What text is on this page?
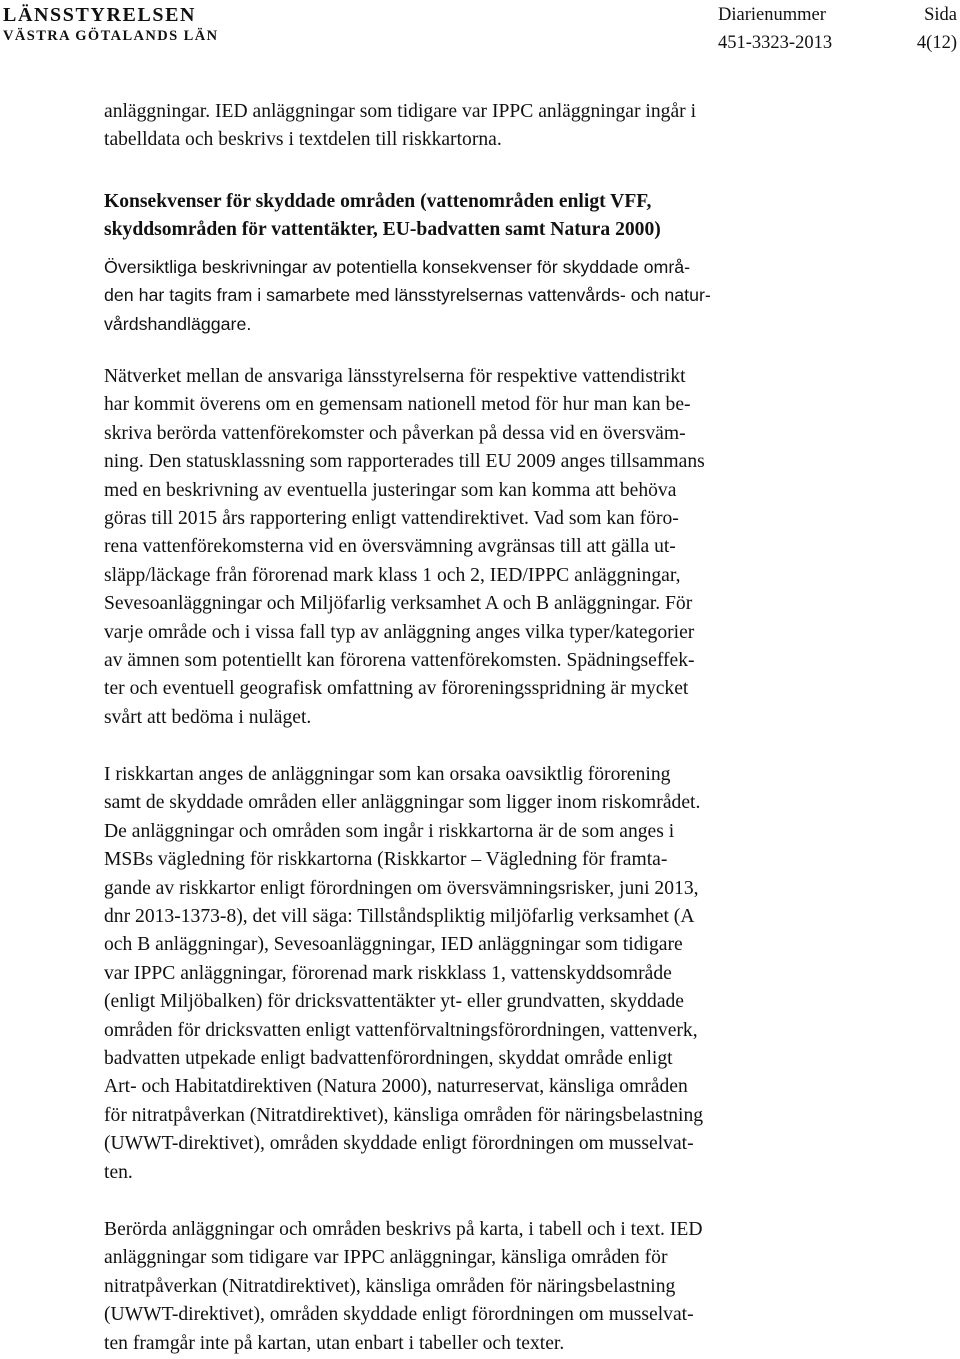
LÄNSSTYRELSEN
VÄSTRA GÖTALANDS LÄN
Diarienummer
451-3323-2013
Sida
4(12)
anläggningar. IED anläggningar som tidigare var IPPC anläggningar ingår i
tabelldata och beskrivs i textdelen till riskkartorna.
Konsekvenser för skyddade områden (vattenområden enligt VFF,
skyddsområden för vattentäkter, EU-badvatten samt Natura 2000)
Översiktliga beskrivningar av potentiella konsekvenser för skyddade områ-
den har tagits fram i samarbete med länsstyrelsernas vattenvårds- och natur-
vårdshandläggare.
Nätverket mellan de ansvariga länsstyrelserna för respektive vattendistrikt
har kommit överens om en gemensam nationell metod för hur man kan be-
skriva berörda vattenförekomster och påverkan på dessa vid en översväm-
ning. Den statusklassning som rapporterades till EU 2009 anges tillsammans
med en beskrivning av eventuella justeringar som kan komma att behöva
göras till 2015 års rapportering enligt vattendirektivet. Vad som kan föro-
rena vattenförekomsterna vid en översvämning avgränsas till att gälla ut-
släpp/läckage från förorenad mark klass 1 och 2, IED/IPPC anläggningar,
Sevesoanläggningar och Miljöfarlig verksamhet A och B anläggningar. För
varje område och i vissa fall typ av anläggning anges vilka typer/kategorier
av ämnen som potentiellt kan förorena vattenförekomsten. Spädningseffek-
ter och eventuell geografisk omfattning av föroreningsspridning är mycket
svårt att bedöma i nuläget.
I riskkartan anges de anläggningar som kan orsaka oavsiktlig förorening
samt de skyddade områden eller anläggningar som ligger inom riskområdet.
De anläggningar och områden som ingår i riskkartorna är de som anges i
MSBs vägledning för riskkartorna (Riskkartor – Vägledning för framta-
gande av riskkartor enligt förordningen om översvämningsrisker, juni 2013,
dnr 2013-1373-8), det vill säga: Tillståndspliktig miljöfarlig verksamhet (A
och B anläggningar), Sevesoanläggningar, IED anläggningar som tidigare
var IPPC anläggningar, förorenad mark riskklass 1, vattenskyddsområde
(enligt Miljöbalken) för dricksvattentäkter yt- eller grundvatten, skyddade
områden för dricksvatten enligt vattenförvaltningsförordningen, vattenverk,
badvatten utpekade enligt badvattenförordningen, skyddat område enligt
Art- och Habitatdirektiven (Natura 2000), naturreservat, känsliga områden
för nitratpåverkan (Nitratdirektivet), känsliga områden för näringsbelastning
(UWWT-direktivet), områden skyddade enligt förordningen om musselvat-
ten.
Berörda anläggningar och områden beskrivs på karta, i tabell och i text. IED
anläggningar som tidigare var IPPC anläggningar, känsliga områden för
nitratpåverkan (Nitratdirektivet), känsliga områden för näringsbelastning
(UWWT-direktivet), områden skyddade enligt förordningen om musselvat-
ten framgår inte på kartan, utan enbart i tabeller och texter.
